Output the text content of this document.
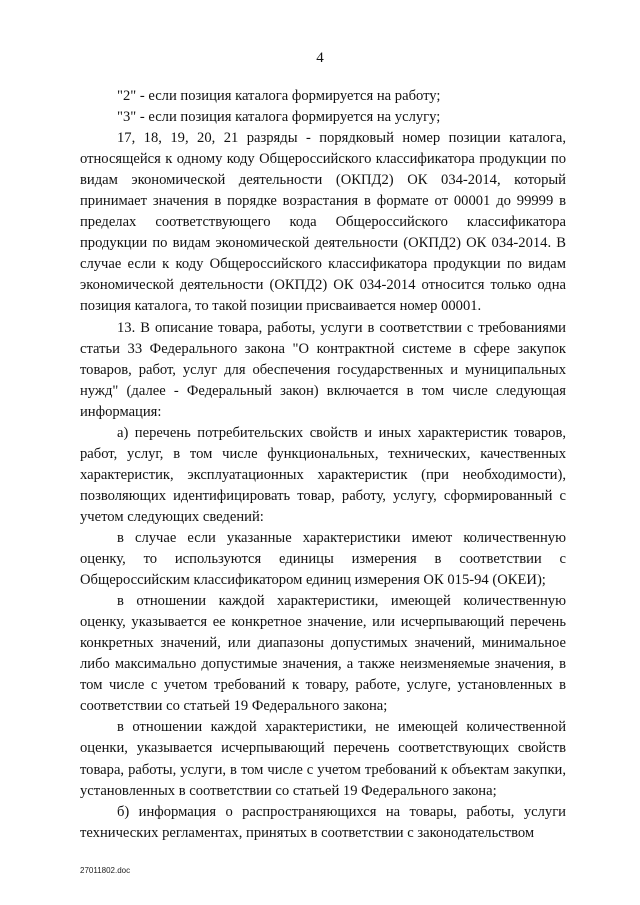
4

"2" - если позиция каталога формируется на работу;

"3" - если позиция каталога формируется на услугу;

17, 18, 19, 20, 21 разряды - порядковый номер позиции каталога, относящейся к одному коду Общероссийского классификатора продукции по видам экономической деятельности (ОКПД2) ОК 034-2014, который принимает значения в порядке возрастания в формате от 00001 до 99999 в пределах соответствующего кода Общероссийского классификатора продукции по видам экономической деятельности (ОКПД2) ОК 034-2014. В случае если к коду Общероссийского классификатора продукции по видам экономической деятельности (ОКПД2) ОК 034-2014 относится только одна позиция каталога, то такой позиции присваивается номер 00001.

13. В описание товара, работы, услуги в соответствии с требованиями статьи 33 Федерального закона "О контрактной системе в сфере закупок товаров, работ, услуг для обеспечения государственных и муниципальных нужд" (далее - Федеральный закон) включается в том числе следующая информация:

а) перечень потребительских свойств и иных характеристик товаров, работ, услуг, в том числе функциональных, технических, качественных характеристик, эксплуатационных характеристик (при необходимости), позволяющих идентифицировать товар, работу, услугу, сформированный с учетом следующих сведений:

в случае если указанные характеристики имеют количественную оценку, то используются единицы измерения в соответствии с Общероссийским классификатором единиц измерения ОК 015-94 (ОКЕИ);

в отношении каждой характеристики, имеющей количественную оценку, указывается ее конкретное значение, или исчерпывающий перечень конкретных значений, или диапазоны допустимых значений, минимальное либо максимально допустимые значения, а также неизменяемые значения, в том числе с учетом требований к товару, работе, услуге, установленных в соответствии со статьей 19 Федерального закона;

в отношении каждой характеристики, не имеющей количественной оценки, указывается исчерпывающий перечень соответствующих свойств товара, работы, услуги, в том числе с учетом требований к объектам закупки, установленных в соответствии со статьей 19 Федерального закона;

б) информация о распространяющихся на товары, работы, услуги технических регламентах, принятых в соответствии с законодательством

27011802.doc
